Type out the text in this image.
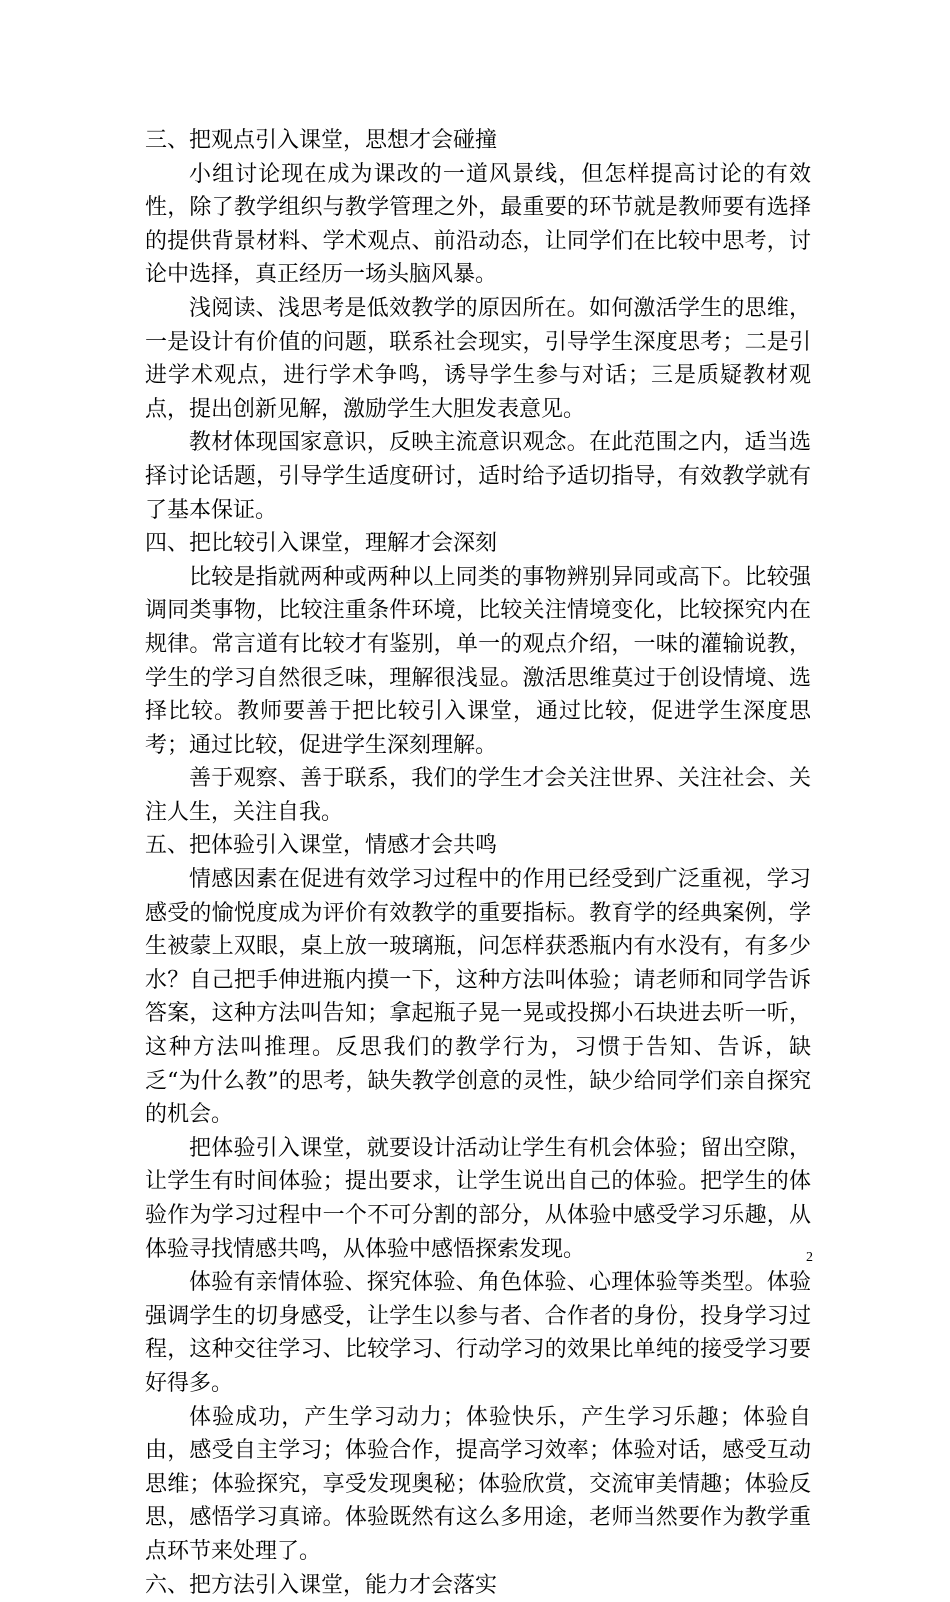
三、把观点引入课堂，思想才会碰撞

小组讨论现在成为课改的一道风景线，但怎样提高讨论的有效性，除了教学组织与教学管理之外，最重要的环节就是教师要有选择的提供背景材料、学术观点、前沿动态，让同学们在比较中思考，讨论中选择，真正经历一场头脑风暴。

浅阅读、浅思考是低效教学的原因所在。如何激活学生的思维，一是设计有价值的问题，联系社会现实，引导学生深度思考；二是引进学术观点，进行学术争鸣，诱导学生参与对话；三是质疑教材观点，提出创新见解，激励学生大胆发表意见。

教材体现国家意识，反映主流意识观念。在此范围之内，适当选择讨论话题，引导学生适度研讨，适时给予适切指导，有效教学就有了基本保证。

四、把比较引入课堂，理解才会深刻

比较是指就两种或两种以上同类的事物辨别异同或高下。比较强调同类事物，比较注重条件环境，比较关注情境变化，比较探究内在规律。常言道有比较才有鉴别，单一的观点介绍，一味的灌输说教，学生的学习自然很乏味，理解很浅显。激活思维莫过于创设情境、选择比较。教师要善于把比较引入课堂，通过比较，促进学生深度思考；通过比较，促进学生深刻理解。

善于观察、善于联系，我们的学生才会关注世界、关注社会、关注人生，关注自我。

五、把体验引入课堂，情感才会共鸣

情感因素在促进有效学习过程中的作用已经受到广泛重视，学习感受的愉悦度成为评价有效教学的重要指标。教育学的经典案例，学生被蒙上双眼，桌上放一玻璃瓶，问怎样获悉瓶内有水没有，有多少水？自己把手伸进瓶内摸一下，这种方法叫体验；请老师和同学告诉答案，这种方法叫告知；拿起瓶子晃一晃或投掷小石块进去听一听，这种方法叫推理。反思我们的教学行为，习惯于告知、告诉，缺乏“为什么教”的思考，缺失教学创意的灵性，缺少给同学们亲自探究的机会。

把体验引入课堂，就要设计活动让学生有机会体验；留出空隙，让学生有时间体验；提出要求，让学生说出自己的体验。把学生的体验作为学习过程中一个不可分割的部分，从体验中感受学习乐趣，从体验寻找情感共鸣，从体验中感悟探索发现。

体验有亲情体验、探究体验、角色体验、心理体验等类型。体验强调学生的切身感受，让学生以参与者、合作者的身份，投身学习过程，这种交往学习、比较学习、行动学习的效果比单纯的接受学习要好得多。

体验成功，产生学习动力；体验快乐，产生学习乐趣；体验自由，感受自主学习；体验合作，提高学习效率；体验对话，感受互动思维；体验探究，享受发现奥秘；体验欣赏，交流审美情趣；体验反思，感悟学习真谛。体验既然有这么多用途，老师当然要作为教学重点环节来处理了。

六、把方法引入课堂，能力才会落实
2
